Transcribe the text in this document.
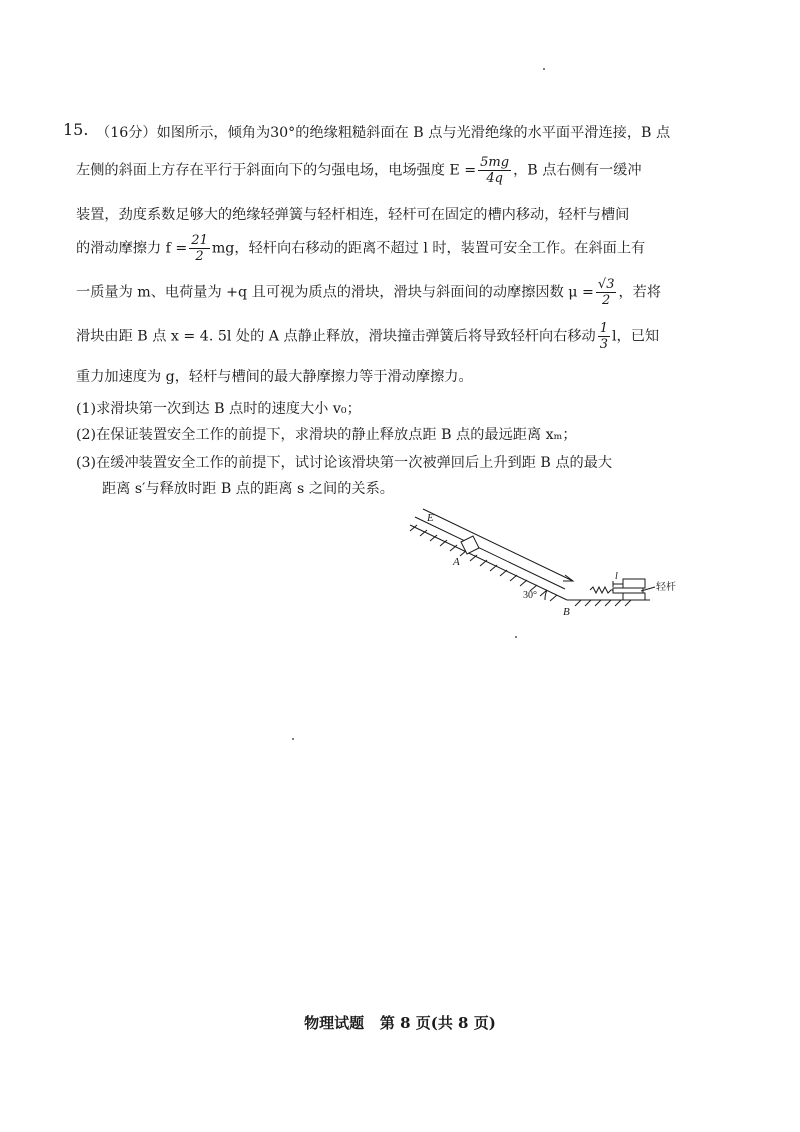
15. （16分）如图所示，倾角为30°的绝缘粗糙斜面在 B 点与光滑绝缘的水平面平滑连接，B 点
左侧的斜面上方存在平行于斜面向下的匀强电场，电场强度 $E = \frac{5mg}{4q}$ ，B 点右侧有一缓冲
装置，劲度系数足够大的绝缘轻弹簧与轻杆相连，轻杆可在固定的槽内移动，轻杆与槽间
的滑动摩擦力 $f = \frac{21}{2}$ mg，轻杆向右移动的距离不超过 l 时，装置可安全工作。在斜面上有
一质量为 m、电荷量为 +q 且可视为质点的滑块，滑块与斜面间的动摩擦因数 $\mu = \frac{√3}{2}$ ，若将
滑块由距 B 点 x = 4. 5l 处的 A 点静止释放，滑块撞击弹簧后将导致轻杆向右移动 $\frac{1}{3}$ l，已知
重力加速度为 g，轻杆与槽间的最大静摩擦力等于滑动摩擦力。
(1)求滑块第一次到达 B 点时的速度大小 v₀；
(2)在保证装置安全工作的前提下，求滑块的静止释放点距 B 点的最远距离 xₘ；
(3)在缓冲装置安全工作的前提下，试讨论该滑块第一次被弹回后上升到距 B 点的最大
距离 s′与释放时距 B 点的距离 s 之间的关系。
E
A
B
30°
l
轻杆
物理试题 第 8 页(共 8 页)
